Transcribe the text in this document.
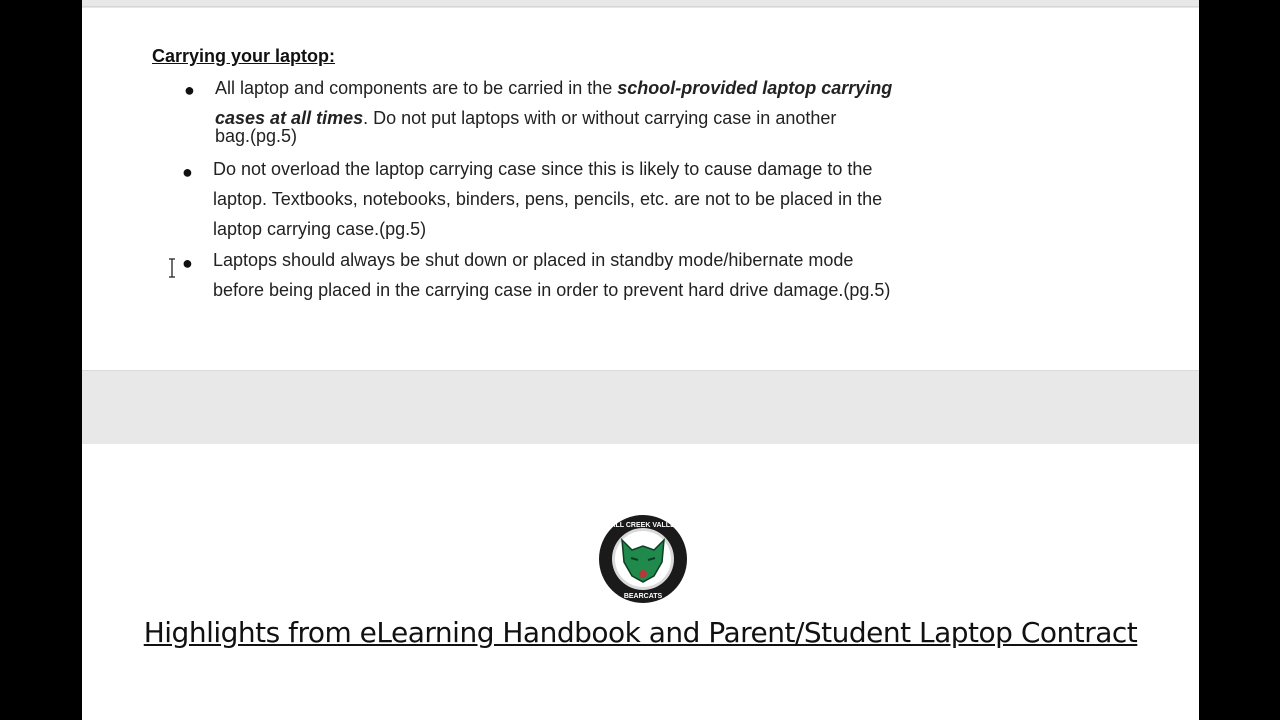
Carrying your laptop:
● All laptop and components are to be carried in the school-provided laptop carrying
cases at all times. Do not put laptops with or without carrying case in another
bag.(pg.5)
● Do not overload the laptop carrying case since this is likely to cause damage to the
laptop. Textbooks, notebooks, binders, pens, pencils, etc. are not to be placed in the
laptop carrying case.(pg.5)
● Laptops should always be shut down or placed in standby mode/hibernate mode
before being placed in the carrying case in order to prevent hard drive damage.(pg.5)
FALL CREEK VALLEY
BEARCATS
Highlights from eLearning Handbook and Parent/Student Laptop Contract
